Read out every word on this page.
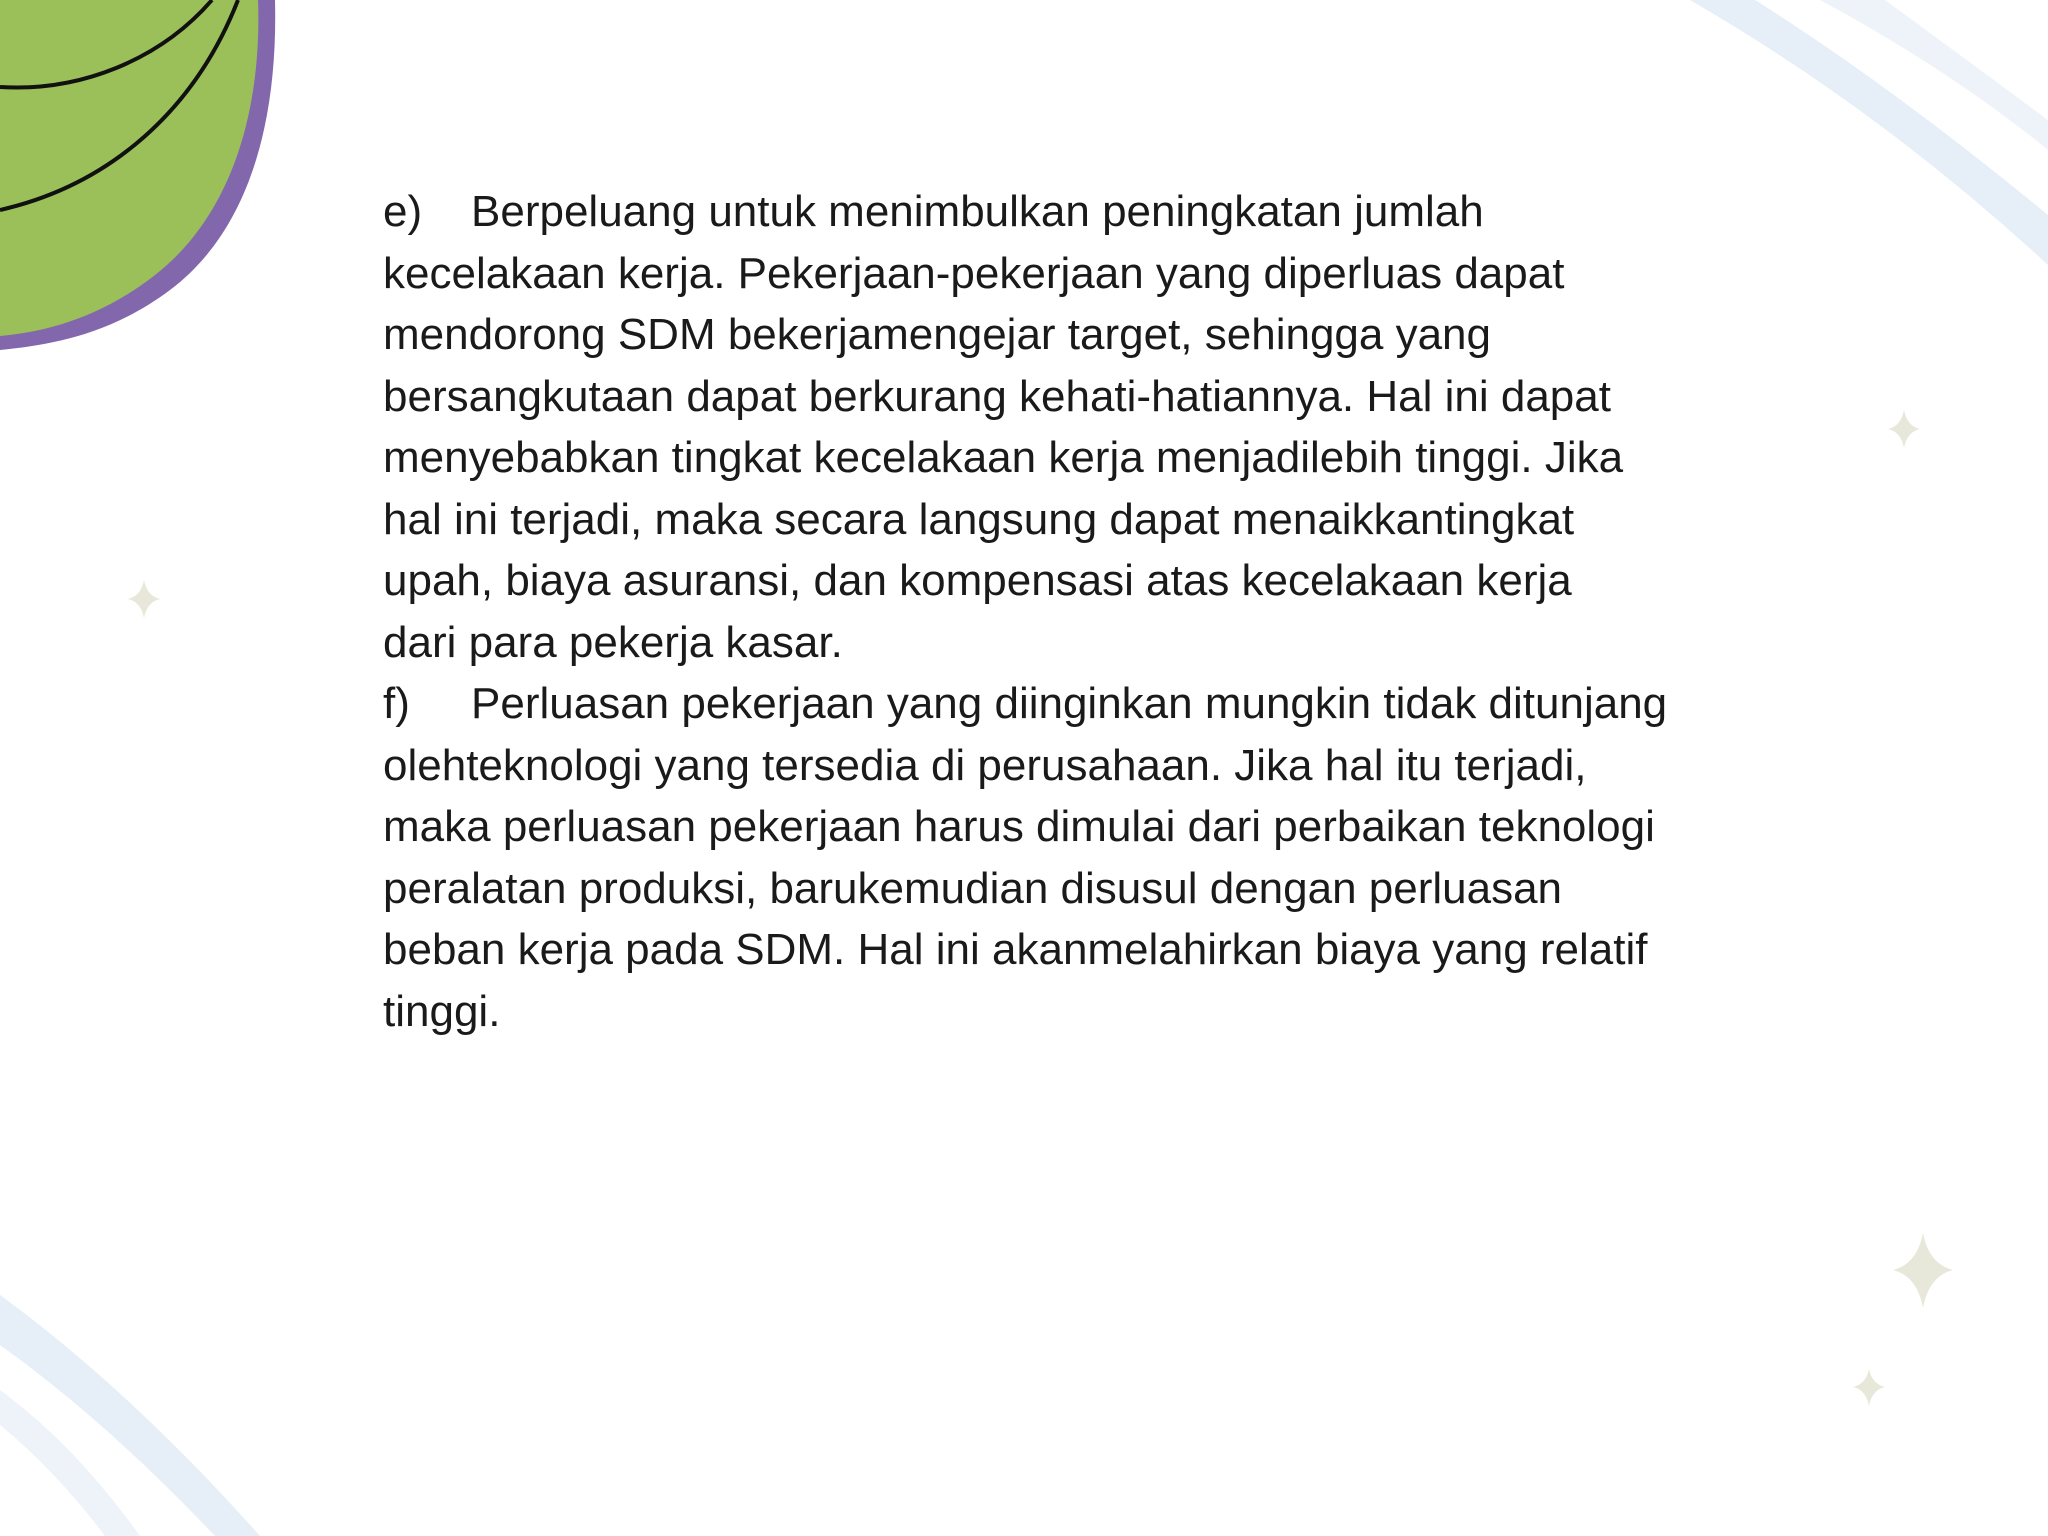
e)    Berpeluang untuk menimbulkan peningkatan jumlah
kecelakaan kerja. Pekerjaan-pekerjaan yang diperluas dapat
mendorong SDM bekerjamengejar target, sehingga yang
bersangkutaan dapat berkurang kehati-hatiannya. Hal ini dapat
menyebabkan tingkat kecelakaan kerja menjadilebih tinggi. Jika
hal ini terjadi, maka secara langsung dapat menaikkantingkat
upah, biaya asuransi, dan kompensasi atas kecelakaan kerja
dari para pekerja kasar.
f)     Perluasan pekerjaan yang diinginkan mungkin tidak ditunjang
olehteknologi yang tersedia di perusahaan. Jika hal itu terjadi,
maka perluasan pekerjaan harus dimulai dari perbaikan teknologi
peralatan produksi, barukemudian disusul dengan perluasan
beban kerja pada SDM. Hal ini akanmelahirkan biaya yang relatif
tinggi.
